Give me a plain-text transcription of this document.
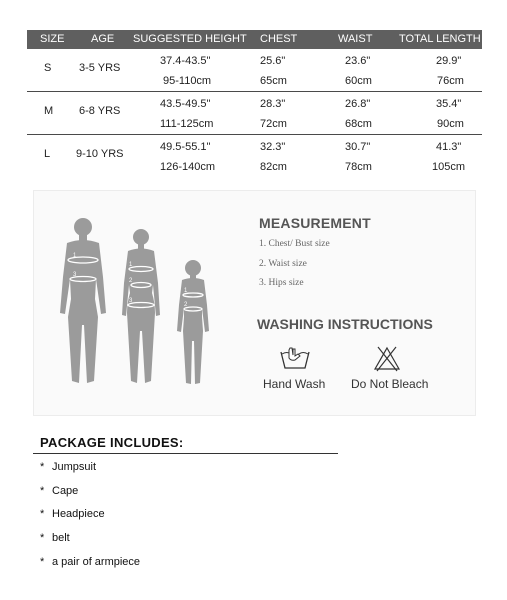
SIZE AGE SUGGESTED HEIGHT CHEST	WAIST TOTAL LENGTH
S	3-5 YRS
37.4-43.5"
95-110cm
25.6"
65cm
23.6"
60cm
29.9"
76cm
M 6-8 YRS
43.5-49.5"
111-125cm
28.3"
72cm
26.8"
68cm
35.4"
90cm
L 9-10 YRS
49.5-55.1"
126-140cm
32.3"
82cm
30.7"
78cm
41.3"
105cm
1
3
1
2
3
1
2
MEASUREMENT
1. Chest/ Bust size
2. Waist size
3. Hips size
WASHING INSTRUCTIONS
Hand Wash Do Not Bleach
PACKAGE INCLUDES:
* Jumpsuit
* Cape
* Headpiece
* belt
* a pair of armpiece
